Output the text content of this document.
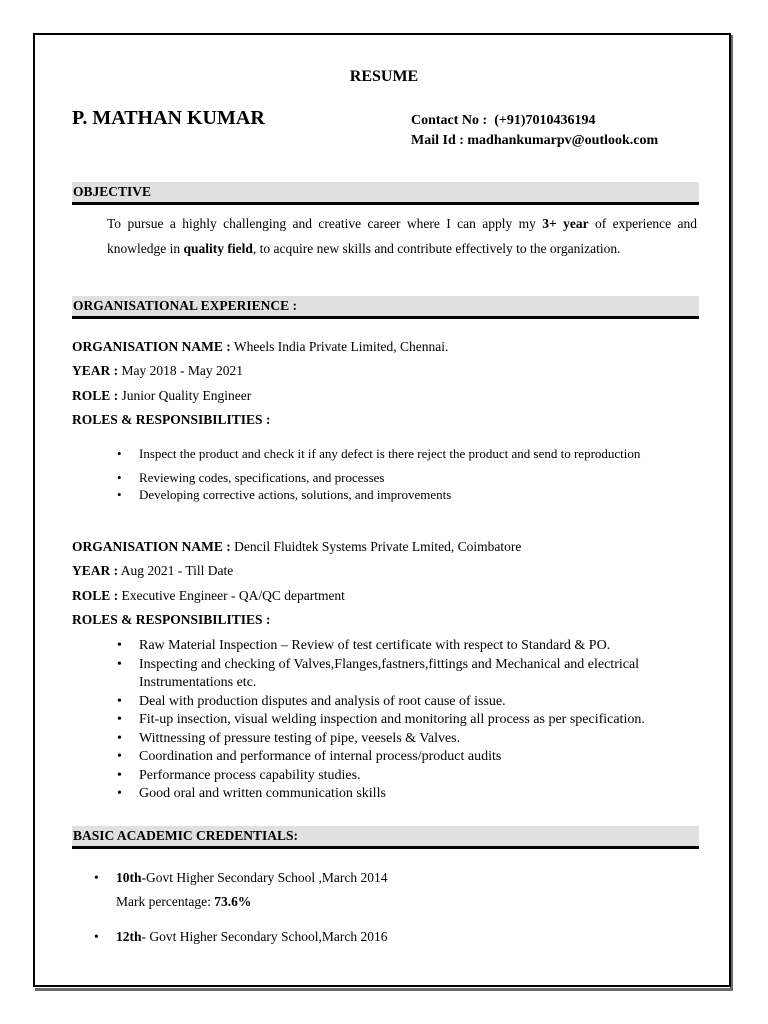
RESUME
P. MATHAN KUMAR	Contact No : (+91)7010436194
Mail Id : madhankumarpv@outlook.com
OBJECTIVE
To pursue a highly challenging and creative career where I can apply my 3+ year of experience and knowledge in quality field, to acquire new skills and contribute effectively to the organization.
ORGANISATIONAL EXPERIENCE :
ORGANISATION NAME : Wheels India Private Limited, Chennai.
YEAR : May 2018 - May 2021
ROLE : Junior Quality Engineer
ROLES & RESPONSIBILITIES :
• Inspect the product and check it if any defect is there reject the product and send to reproduction
• Reviewing codes, specifications, and processes
• Developing corrective actions, solutions, and improvements
ORGANISATION NAME : Dencil Fluidtek Systems Private Lmited, Coimbatore
YEAR : Aug 2021 - Till Date
ROLE : Executive Engineer - QA/QC department
ROLES & RESPONSIBILITIES :
• Raw Material Inspection – Review of test certificate with respect to Standard & PO.
• Inspecting and checking of Valves,Flanges,fastners,fittings and Mechanical and electrical Instrumentations etc.
• Deal with production disputes and analysis of root cause of issue.
• Fit-up insection, visual welding inspection and monitoring all process as per specification.
• Wittnessing of pressure testing of pipe, veesels & Valves.
• Coordination and performance of internal process/product audits
• Performance process capability studies.
• Good oral and written communication skills
BASIC ACADEMIC CREDENTIALS:
• 10th-Govt Higher Secondary School ,March 2014
Mark percentage: 73.6%
• 12th- Govt Higher Secondary School,March 2016
